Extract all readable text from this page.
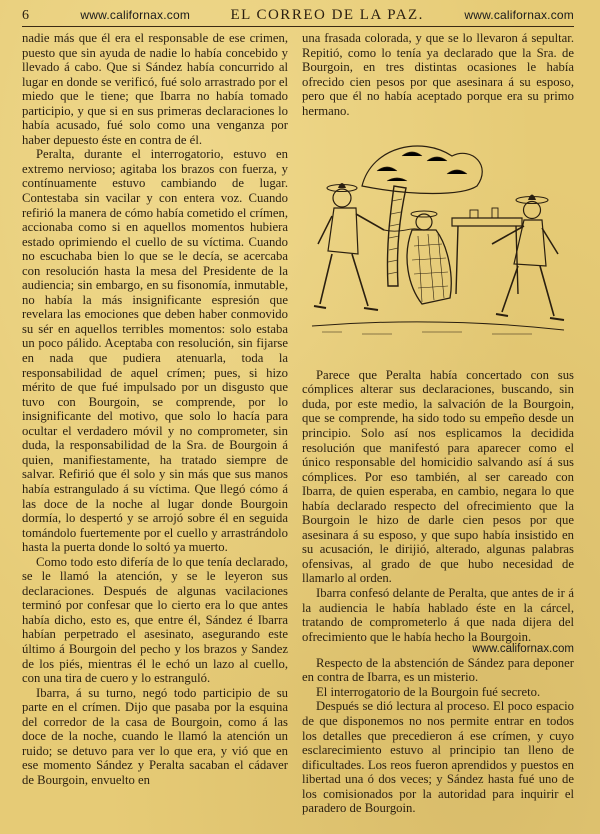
6	www.californax.com	EL CORREO DE LA PAZ.	www.californax.com

nadie más que él era el responsable de ese crimen, puesto que sin ayuda de nadie lo había concebido y llevado á cabo. Que si Sández había concurrido al lugar en donde se verificó, fué solo arrastrado por el miedo que le tiene; que Ibarra no había tomado participio, y que si en sus primeras declaraciones lo había acusado, fué solo como una venganza por haber depuesto éste en contra de él.

Peralta, durante el interrogatorio, estuvo en extremo nervioso; agitaba los brazos con fuerza, y contínuamente estuvo cambiando de lugar. Contestaba sin vacilar y con entera voz. Cuando refirió la manera de cómo había cometido el crímen, accionaba como si en aquellos momentos hubiera estado oprimiendo el cuello de su víctima. Cuando no escuchaba bien lo que se le decía, se acercaba con resolución hasta la mesa del Presidente de la audiencia; sin embargo, en su fisonomía, inmutable, no había la más insignificante espresión que revelara las emociones que deben haber conmovido su sér en aquellos terribles momentos: solo estaba un poco pálido. Aceptaba con resolución, sin fijarse en nada que pudiera atenuarla, toda la responsabilidad de aquel crímen; pues, si hizo mérito de que fué impulsado por un disgusto que tuvo con Bourgoin, se comprende, por lo insignificante del motivo, que solo lo hacía para ocultar el verdadero móvil y no comprometer, sin duda, la responsabilidad de la Sra. de Bourgoin á quien, manifiestamente, ha tratado siempre de salvar. Refirió que él solo y sin más que sus manos había estrangulado á su víctima. Que llegó cómo á las doce de la noche al lugar donde Bourgoin dormía, lo despertó y se arrojó sobre él en seguida tomándolo fuertemente por el cuello y arrastrándolo hasta la puerta donde lo soltó ya muerto.

Como todo esto difería de lo que tenía declarado, se le llamó la atención, y se le leyeron sus declaraciones. Después de algunas vacilaciones terminó por confesar que lo cierto era lo que antes había dicho, esto es, que entre él, Sández é Ibarra habían perpetrado el asesinato, asegurando este último á Bourgoin del pecho y los brazos y Sandez de los piés, mientras él le echó un lazo al cuello, con una tira de cuero y lo estranguló.

Ibarra, á su turno, negó todo participio de su parte en el crímen. Dijo que pasaba por la esquina del corredor de la casa de Bourgoin, como á las doce de la noche, cuando le llamó la atención un ruido; se detuvo para ver lo que era, y vió que en ese momento Sández y Peralta sacaban el cádaver de Bourgoin, envuelto en

una frasada colorada, y que se lo llevaron á sepultar. Repitió, como lo tenía ya declarado que la Sra. de Bourgoin, en tres distintas ocasiones le había ofrecido cien pesos por que asesinara á su esposo, pero que él no había aceptado porque era su primo hermano.

Parece que Peralta había concertado con sus cómplices alterar sus declaraciones, buscando, sin duda, por este medio, la salvación de la Bourgoin, que se comprende, ha sido todo su empeño desde un principio. Solo así nos esplicamos la decidida resolución que manifestó para aparecer como el único responsable del homicidio salvando así á sus cómplices. Por eso también, al ser careado con Ibarra, de quien esperaba, en cambio, negara lo que había declarado respecto del ofrecimiento que la Bourgoin le hizo de darle cien pesos por que asesinara á su esposo, y que supo había insistido en su acusación, le dirijió, alterado, algunas palabras ofensivas, al grado de que hubo necesidad de llamarlo al orden.

Ibarra confesó delante de Peralta, que antes de ir á la audiencia le había hablado éste en la cárcel, tratando de comprometerlo á que nada dijera del ofrecimiento que le había hecho la Bourgoin.

www.californax.com

Respecto de la abstención de Sández para deponer en contra de Ibarra, es un misterio.

El interrogatorio de la Bourgoin fué secreto.

Después se dió lectura al proceso. El poco espacio de que disponemos no nos permite entrar en todos los detalles que precedieron á ese crímen, y cuyo esclarecimiento estuvo al principio tan lleno de dificultades. Los reos fueron aprendidos y puestos en libertad una ó dos veces; y Sández hasta fué uno de los comisionados por la autoridad para inquirir el paradero de Bourgoin.
